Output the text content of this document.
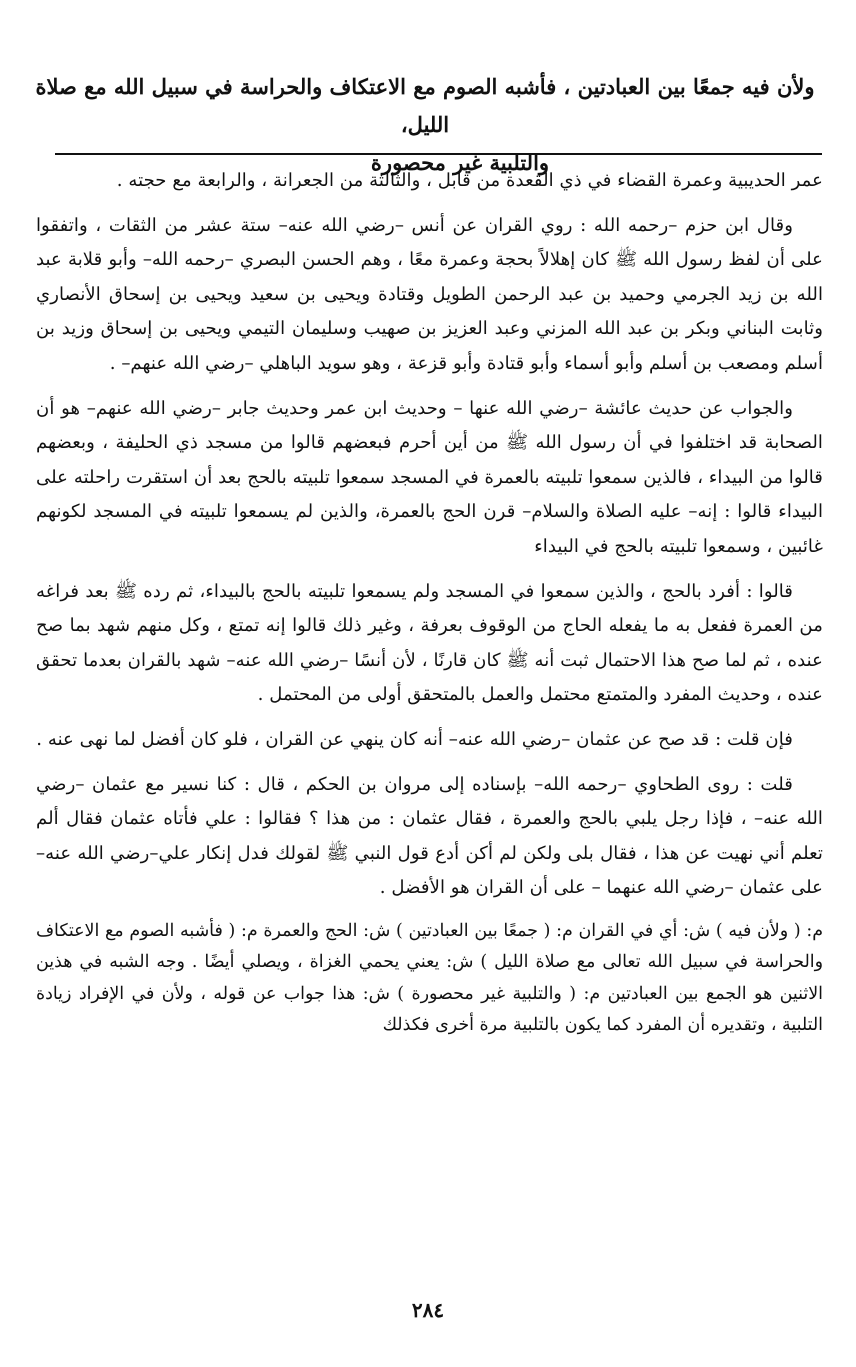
ولأن فيه جمعًا بين العبادتين ، فأشبه الصوم مع الاعتكاف والحراسة في سبيل الله مع صلاة الليل،
والتلبية غير محصورة

عمر الحديبية وعمرة القضاء في ذي القعدة من قابل ، والثالثة من الجعرانة ، والرابعة مع حجته .

وقال ابن حزم –رحمه الله : روي القران عن أنس –رضي الله عنه– ستة عشر من الثقات ، واتفقوا على أن لفظ رسول الله ﷺ كان إهلالاً بحجة وعمرة معًا ، وهم الحسن البصري –رحمه الله– وأبو قلابة عبد الله بن زيد الجرمي وحميد بن عبد الرحمن الطويل وقتادة ويحيى بن سعيد ويحيى بن إسحاق الأنصاري وثابت البناني وبكر بن عبد الله المزني وعبد العزيز بن صهيب وسليمان التيمي ويحيى بن إسحاق وزيد بن أسلم ومصعب بن أسلم وأبو أسماء وأبو قتادة وأبو قزعة ، وهو سويد الباهلي –رضي الله عنهم– .

والجواب عن حديث عائشة –رضي الله عنها – وحديث ابن عمر وحديث جابر –رضي الله عنهم– هو أن الصحابة قد اختلفوا في أن رسول الله ﷺ من أين أحرم فبعضهم قالوا من مسجد ذي الحليفة ، وبعضهم قالوا من البيداء ، فالذين سمعوا تلبيته بالعمرة في المسجد سمعوا تلبيته بالحج بعد أن استقرت راحلته على البيداء قالوا : إنه– عليه الصلاة والسلام– قرن الحج بالعمرة، والذين لم يسمعوا تلبيته في المسجد لكونهم غائبين ، وسمعوا تلبيته بالحج في البيداء

قالوا : أفرد بالحج ، والذين سمعوا في المسجد ولم يسمعوا تلبيته بالحج بالبيداء، ثم رده ﷺ بعد فراغه من العمرة ففعل به ما يفعله الحاج من الوقوف بعرفة ، وغير ذلك قالوا إنه تمتع ، وكل منهم شهد بما صح عنده ، ثم لما صح هذا الاحتمال ثبت أنه ﷺ كان قارنًا ، لأن أنسًا –رضي الله عنه– شهد بالقران بعدما تحقق عنده ، وحديث المفرد والمتمتع محتمل والعمل بالمتحقق أولى من المحتمل .

فإن قلت : قد صح عن عثمان –رضي الله عنه– أنه كان ينهي عن القران ، فلو كان أفضل لما نهى عنه .

قلت : روى الطحاوي –رحمه الله– بإسناده إلى مروان بن الحكم ، قال : كنا نسير مع عثمان –رضي الله عنه– ، فإذا رجل يلبي بالحج والعمرة ، فقال عثمان : من هذا ؟ فقالوا : علي فأتاه عثمان فقال ألم تعلم أني نهيت عن هذا ، فقال بلى ولكن لم أكن أدع قول النبي ﷺ لقولك فدل إنكار علي–رضي الله عنه– على عثمان –رضي الله عنهما – على أن القران هو الأفضل .

م: ( ولأن فيه ) ش: أي في القران م: ( جمعًا بين العبادتين ) ش: الحج والعمرة م: ( فأشبه الصوم مع الاعتكاف والحراسة في سبيل الله تعالى مع صلاة الليل ) ش: يعني يحمي الغزاة ، ويصلي أيضًا . وجه الشبه في هذين الاثنين هو الجمع بين العبادتين م: ( والتلبية غير محصورة ) ش: هذا جواب عن قوله ، ولأن في الإفراد زيادة التلبية ، وتقديره أن المفرد كما يكون بالتلبية مرة أخرى فكذلك

٢٨٤
